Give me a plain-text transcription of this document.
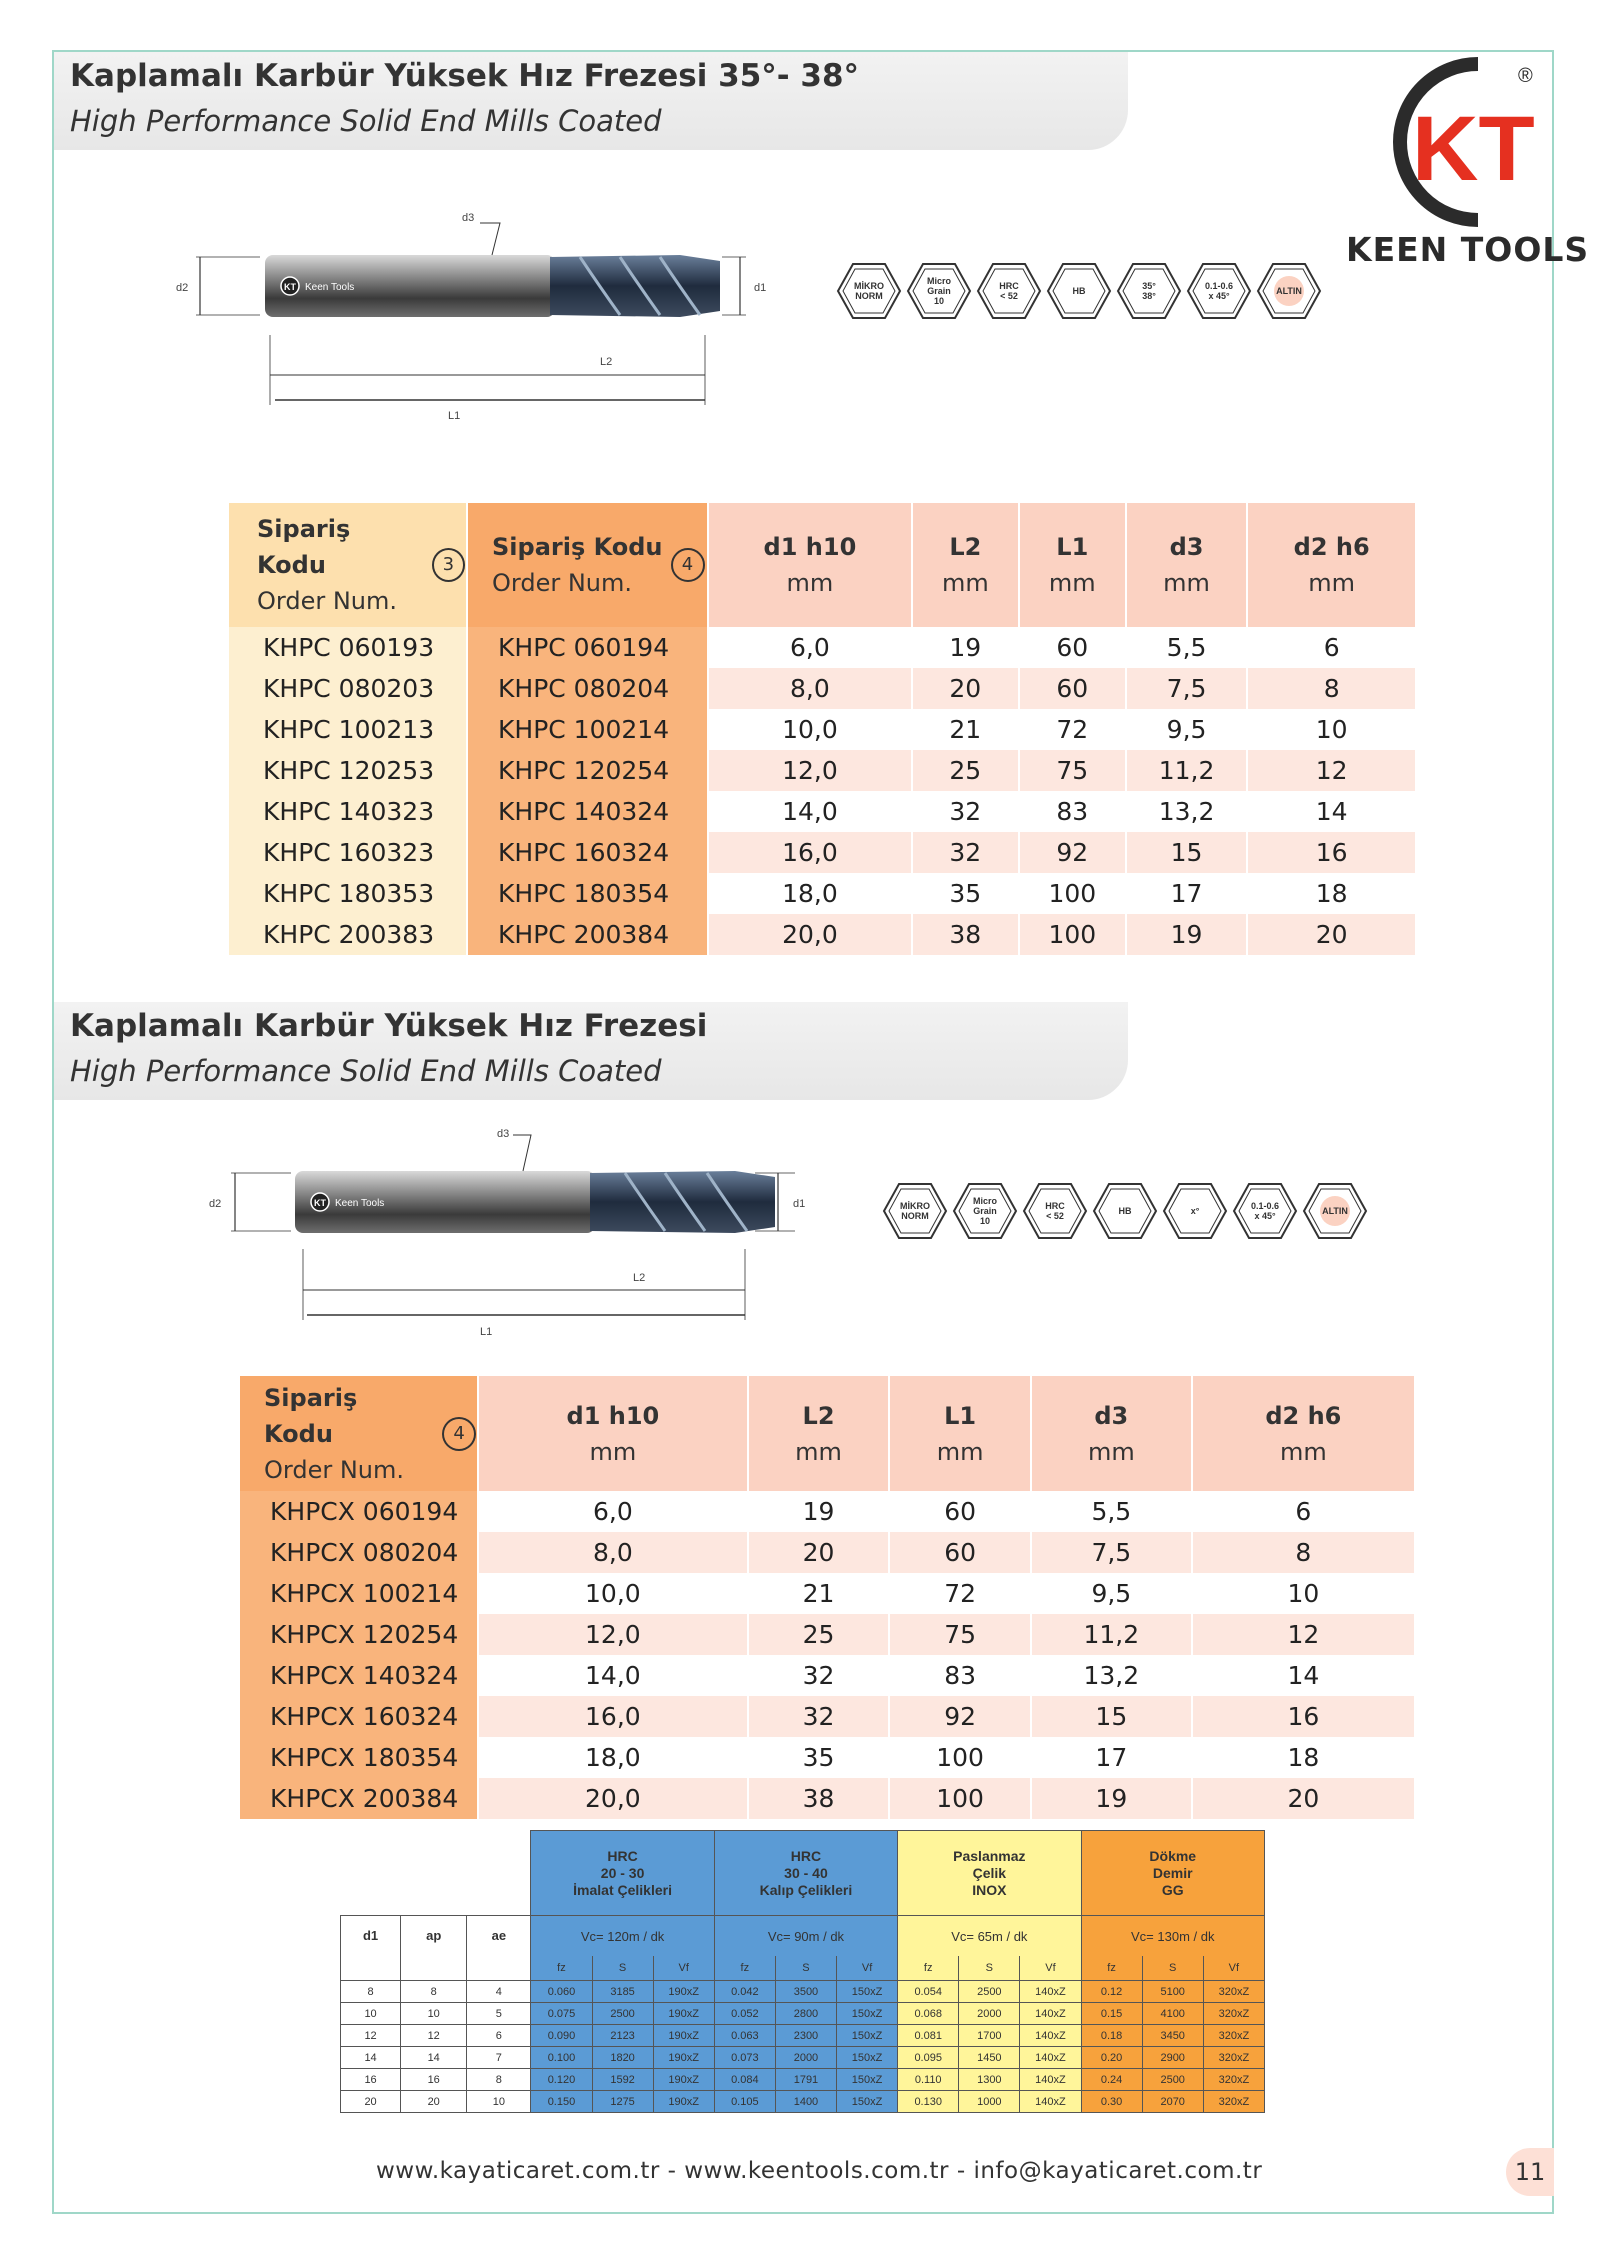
KT
®
KEEN TOOLS
Kaplamalı Karbür Yüksek Hız Frezesi 35°- 38°
High Performance Solid End Mills Coated
KT Keen Tools
d2	d1
d3
L2
L1
MİKRO
NORM
Micro
Grain
10
HRC
< 52	HB	35°
38°
0.1-0.6
x 45°	ALTIN
Sipariş Kodu
Order Num.
3	Sipariş Kodu
Order Num.
4	d1 h10
mm	L2
mm	L1
mm	d3
mm	d2 h6
mm

KHPC 060193	KHPC 060194	6,0	19	60	5,5	6
KHPC 080203	KHPC 080204	8,0	20	60	7,5	8
KHPC 100213	KHPC 100214	10,0	21	72	9,5	10
KHPC 120253	KHPC 120254	12,0	25	75	11,2	12
KHPC 140323	KHPC 140324	14,0	32	83	13,2	14
KHPC 160323	KHPC 160324	16,0	32	92	15	16
KHPC 180353	KHPC 180354	18,0	35	100	17	18
KHPC 200383	KHPC 200384	20,0	38	100	19	20
Kaplamalı Karbür Yüksek Hız Frezesi
High Performance Solid End Mills Coated
KT Keen Tools
d2	d1
d3
L2
L1
MİKRO
NORM
Micro
Grain
10
HRC
< 52	HB	x°	0.1-0.6
x 45°	ALTIN
Sipariş Kodu
Order Num.
4	d1 h10
mm	L2
mm	L1
mm	d3
mm	d2 h6
mm

KHPCX 060194	6,0	19	60	5,5	6
KHPCX 080204	8,0	20	60	7,5	8
KHPCX 100214	10,0	21	72	9,5	10
KHPCX 120254	12,0	25	75	11,2	12
KHPCX 140324	14,0	32	83	13,2	14
KHPCX 160324	16,0	32	92	15	16
KHPCX 180354	18,0	35	100	17	18
KHPCX 200384	20,0	38	100	19	20
			HRC
20 - 30
İmalat Çelikleri			HRC
30 - 40
Kalıp Çelikleri			Paslanmaz
Çelik
INOX			Dökme
Demir
GG		
d1	ap	ae	Vc= 120m / dk			Vc= 90m / dk			Vc= 65m / dk			Vc= 130m / dk		
			fz	S	Vf	fz	S	Vf	fz	S	Vf	fz	S	Vf
8	8	4	0.060	3185	190xZ	0.042	3500	150xZ	0.054	2500	140xZ	0.12	5100	320xZ
10	10	5	0.075	2500	190xZ	0.052	2800	150xZ	0.068	2000	140xZ	0.15	4100	320xZ
12	12	6	0.090	2123	190xZ	0.063	2300	150xZ	0.081	1700	140xZ	0.18	3450	320xZ
14	14	7	0.100	1820	190xZ	0.073	2000	150xZ	0.095	1450	140xZ	0.20	2900	320xZ
16	16	8	0.120	1592	190xZ	0.084	1791	150xZ	0.110	1300	140xZ	0.24	2500	320xZ
20	20	10	0.150	1275	190xZ	0.105	1400	150xZ	0.130	1000	140xZ	0.30	2070	320xZ
www.kayaticaret.com.tr - www.keentools.com.tr - info@kayaticaret.com.tr	11
